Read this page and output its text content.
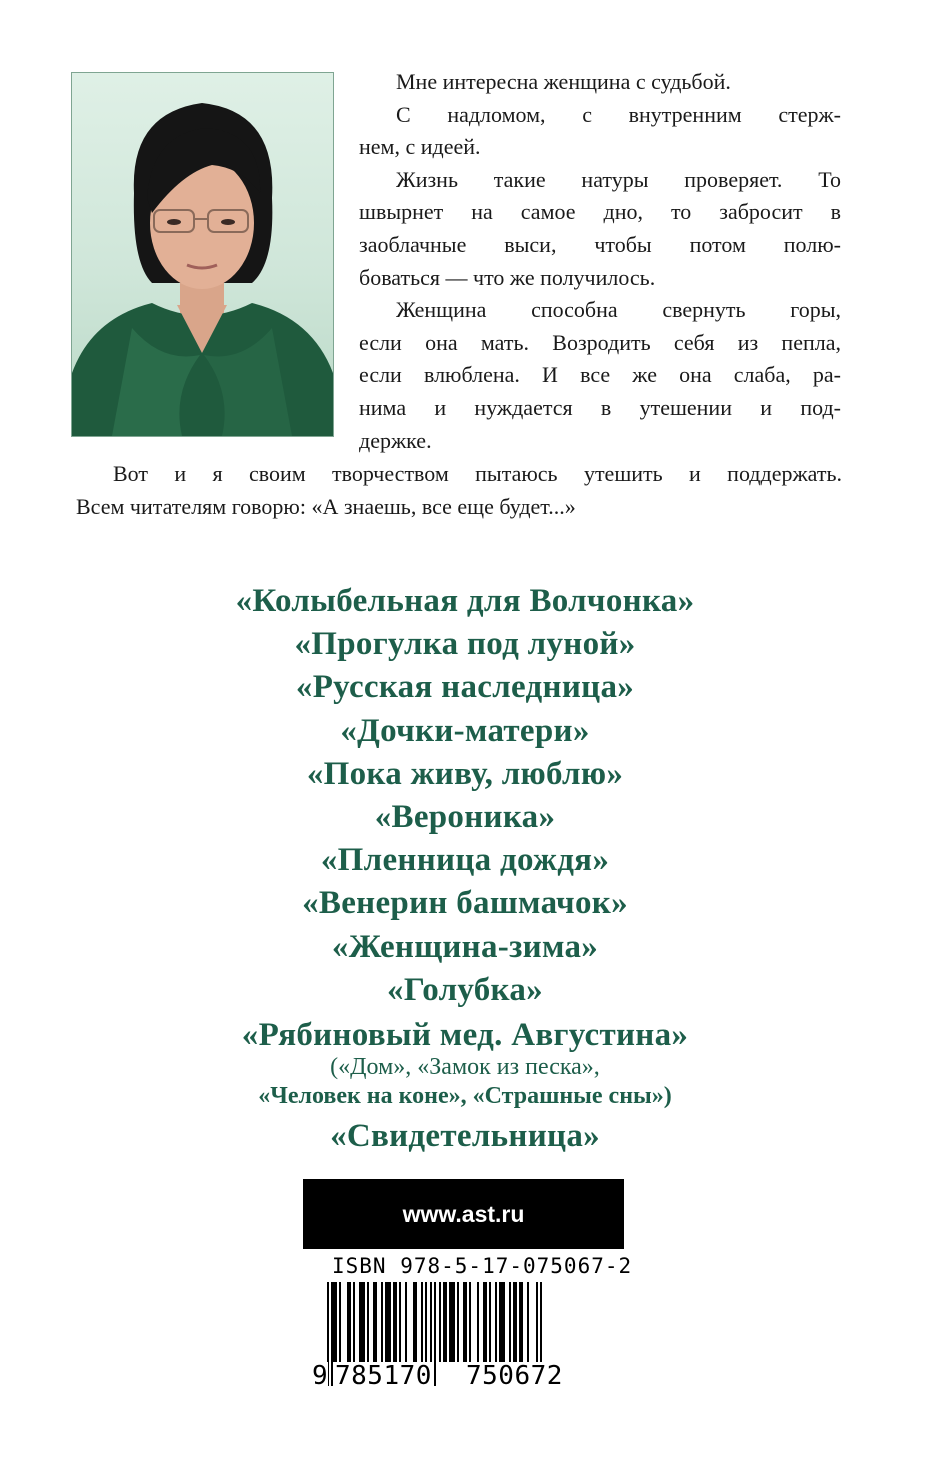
Мне интересна женщина с судьбой.
С надломом, с внутренним стерж-
нем, с идеей.
Жизнь такие натуры проверяет. То
швырнет на самое дно, то забросит в
заоблачные выси, чтобы потом полю-
боваться — что же получилось.
Женщина способна свернуть горы,
если она мать. Возродить себя из пепла,
если влюблена. И все же она слаба, ра-
нима и нуждается в утешении и под-
держке.

Вот и я своим творчеством пытаюсь утешить и поддержать.
Всем читателям говорю: «А знаешь, все еще будет...»

«Колыбельная для Волчонка»
«Прогулка под луной»
«Русская наследница»
«Дочки-матери»
«Пока живу, люблю»
«Вероника»
«Пленница дождя»
«Венерин башмачок»
«Женщина-зима»
«Голубка»
«Рябиновый мед. Августина»
(«Дом», «Замок из песка»,
«Человек на коне», «Страшные сны»)
«Свидетельница»
www.ast.ru
ISBN 978-5-17-075067-2
9 785170 750672
